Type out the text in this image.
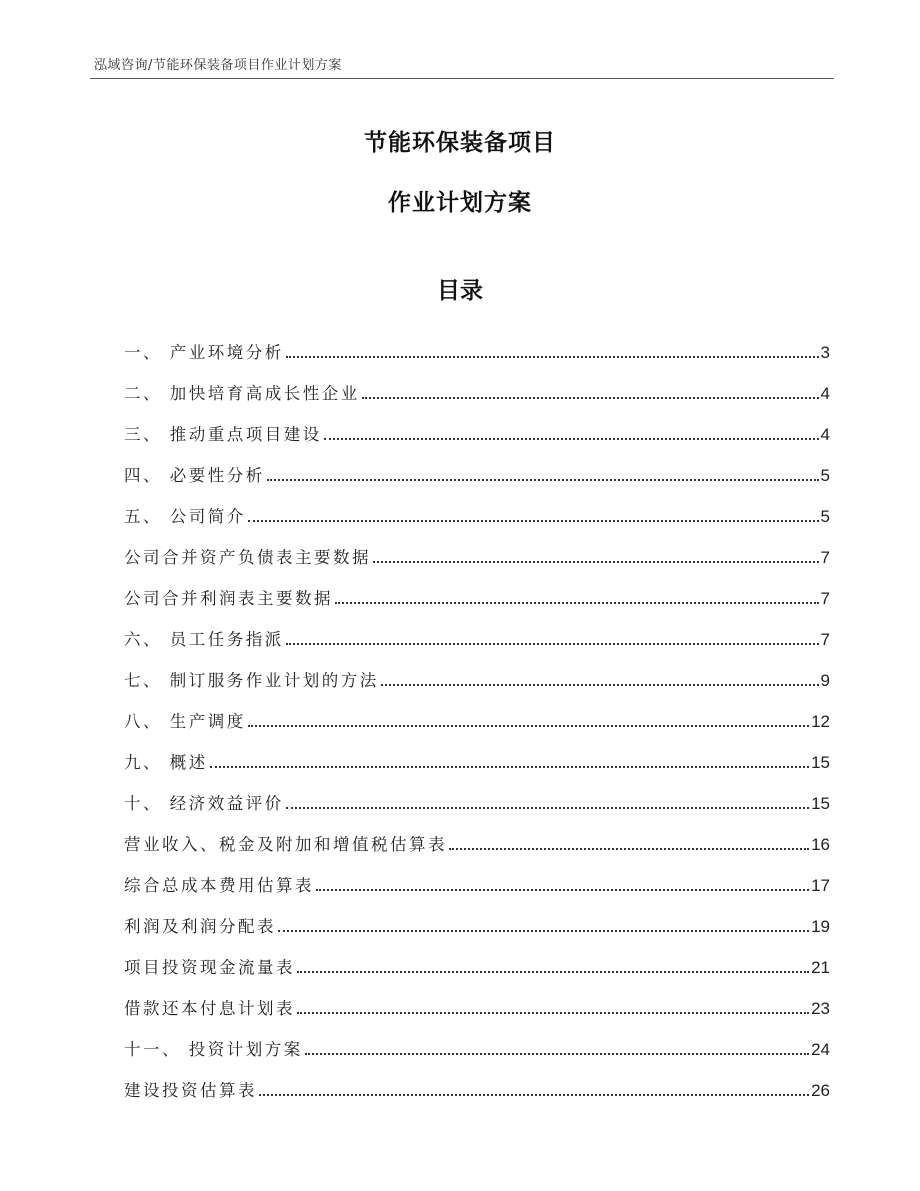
泓域咨询/节能环保装备项目作业计划方案
节能环保装备项目
作业计划方案
目录
一、 产业环境分析	3
二、 加快培育高成长性企业	4
三、 推动重点项目建设	4
四、 必要性分析	5
五、 公司简介	5
公司合并资产负债表主要数据	7
公司合并利润表主要数据	7
六、 员工任务指派	7
七、 制订服务作业计划的方法	9
八、 生产调度	12
九、 概述	15
十、 经济效益评价	15
营业收入、税金及附加和增值税估算表	16
综合总成本费用估算表	17
利润及利润分配表	19
项目投资现金流量表	21
借款还本付息计划表	23
十一、 投资计划方案	24
建设投资估算表	26
